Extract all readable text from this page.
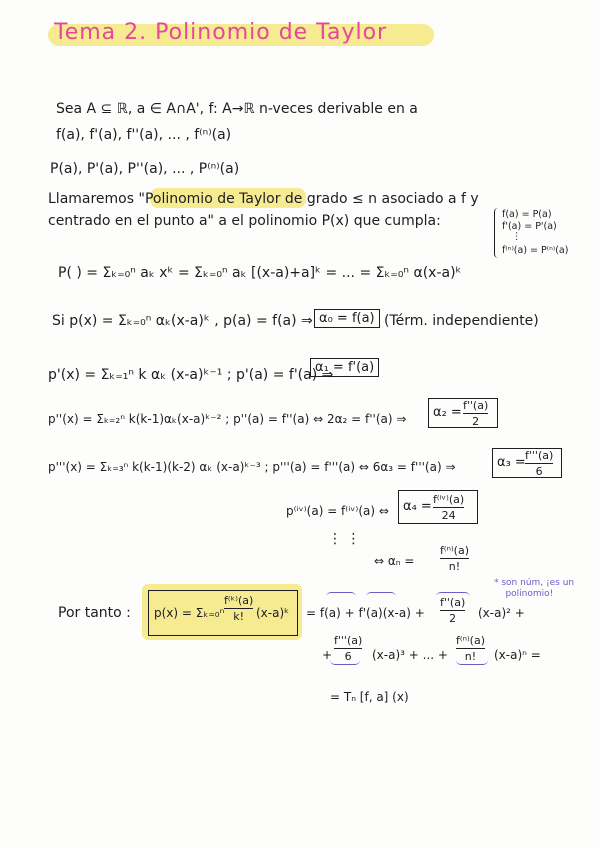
Tema 2. Polinomio de Taylor
Sea A ⊆ ℝ, a ∈ A∩A', f: A→ℝ n-veces derivable en a
f(a), f'(a), f''(a), ... , f⁽ⁿ⁾(a)
P(a), P'(a), P''(a), ... , P⁽ⁿ⁾(a)
Llamaremos "Polinomio de Taylor de grado ≤ n asociado a f y
centrado en el punto a" a el polinomio P(x) que cumpla:	f(a) = P(a)
f'(a) = P'(a)
⋮
f⁽ⁿ⁾(a) = P⁽ⁿ⁾(a)
P( ) = Σₖ₌₀ⁿ aₖ xᵏ = Σₖ₌₀ⁿ aₖ [(x-a)+a]ᵏ = ... = Σₖ₌₀ⁿ α(x-a)ᵏ
Si p(x) = Σₖ₌₀ⁿ αₖ(x-a)ᵏ , p(a) = f(a) ⇒ α₀ = f(a) (Térm. independiente)
p'(x) = Σₖ₌₁ⁿ k αₖ (x-a)ᵏ⁻¹ ; p'(a) = f'(a) ⇒
α₁ = f'(a)
p''(x) = Σₖ₌₂ⁿ k(k-1)αₖ(x-a)ᵏ⁻² ; p''(a) = f''(a) ⇔ 2α₂ = f''(a) ⇒ α₂ = f''(a)
2
p'''(x) = Σₖ₌₃ⁿ k(k-1)(k-2) αₖ (x-a)ᵏ⁻³ ; p'''(a) = f'''(a) ⇔ 6α₃ = f'''(a) ⇒	α₃ = f'''(a)
6
p⁽ⁱᵛ⁾(a) = f⁽ⁱᵛ⁾(a) ⇔ α₄ = f⁽ⁱᵛ⁾(a)
24
⋮ ⋮
⇔ αₙ =
f⁽ⁿ⁾(a)
n!
* son núm, ¡es un
polinomio!
Por tanto : p(x) = Σₖ₌₀ⁿ
f⁽ᵏ⁾(a)
k! (x-a)ᵏ = f(a) + f'(a)(x-a) +
f''(a)
2 (x-a)² +
+
f'''(a)
6 (x-a)³ + ... +
f⁽ⁿ⁾(a)
n! (x-a)ⁿ =
= Tₙ [f, a] (x)
